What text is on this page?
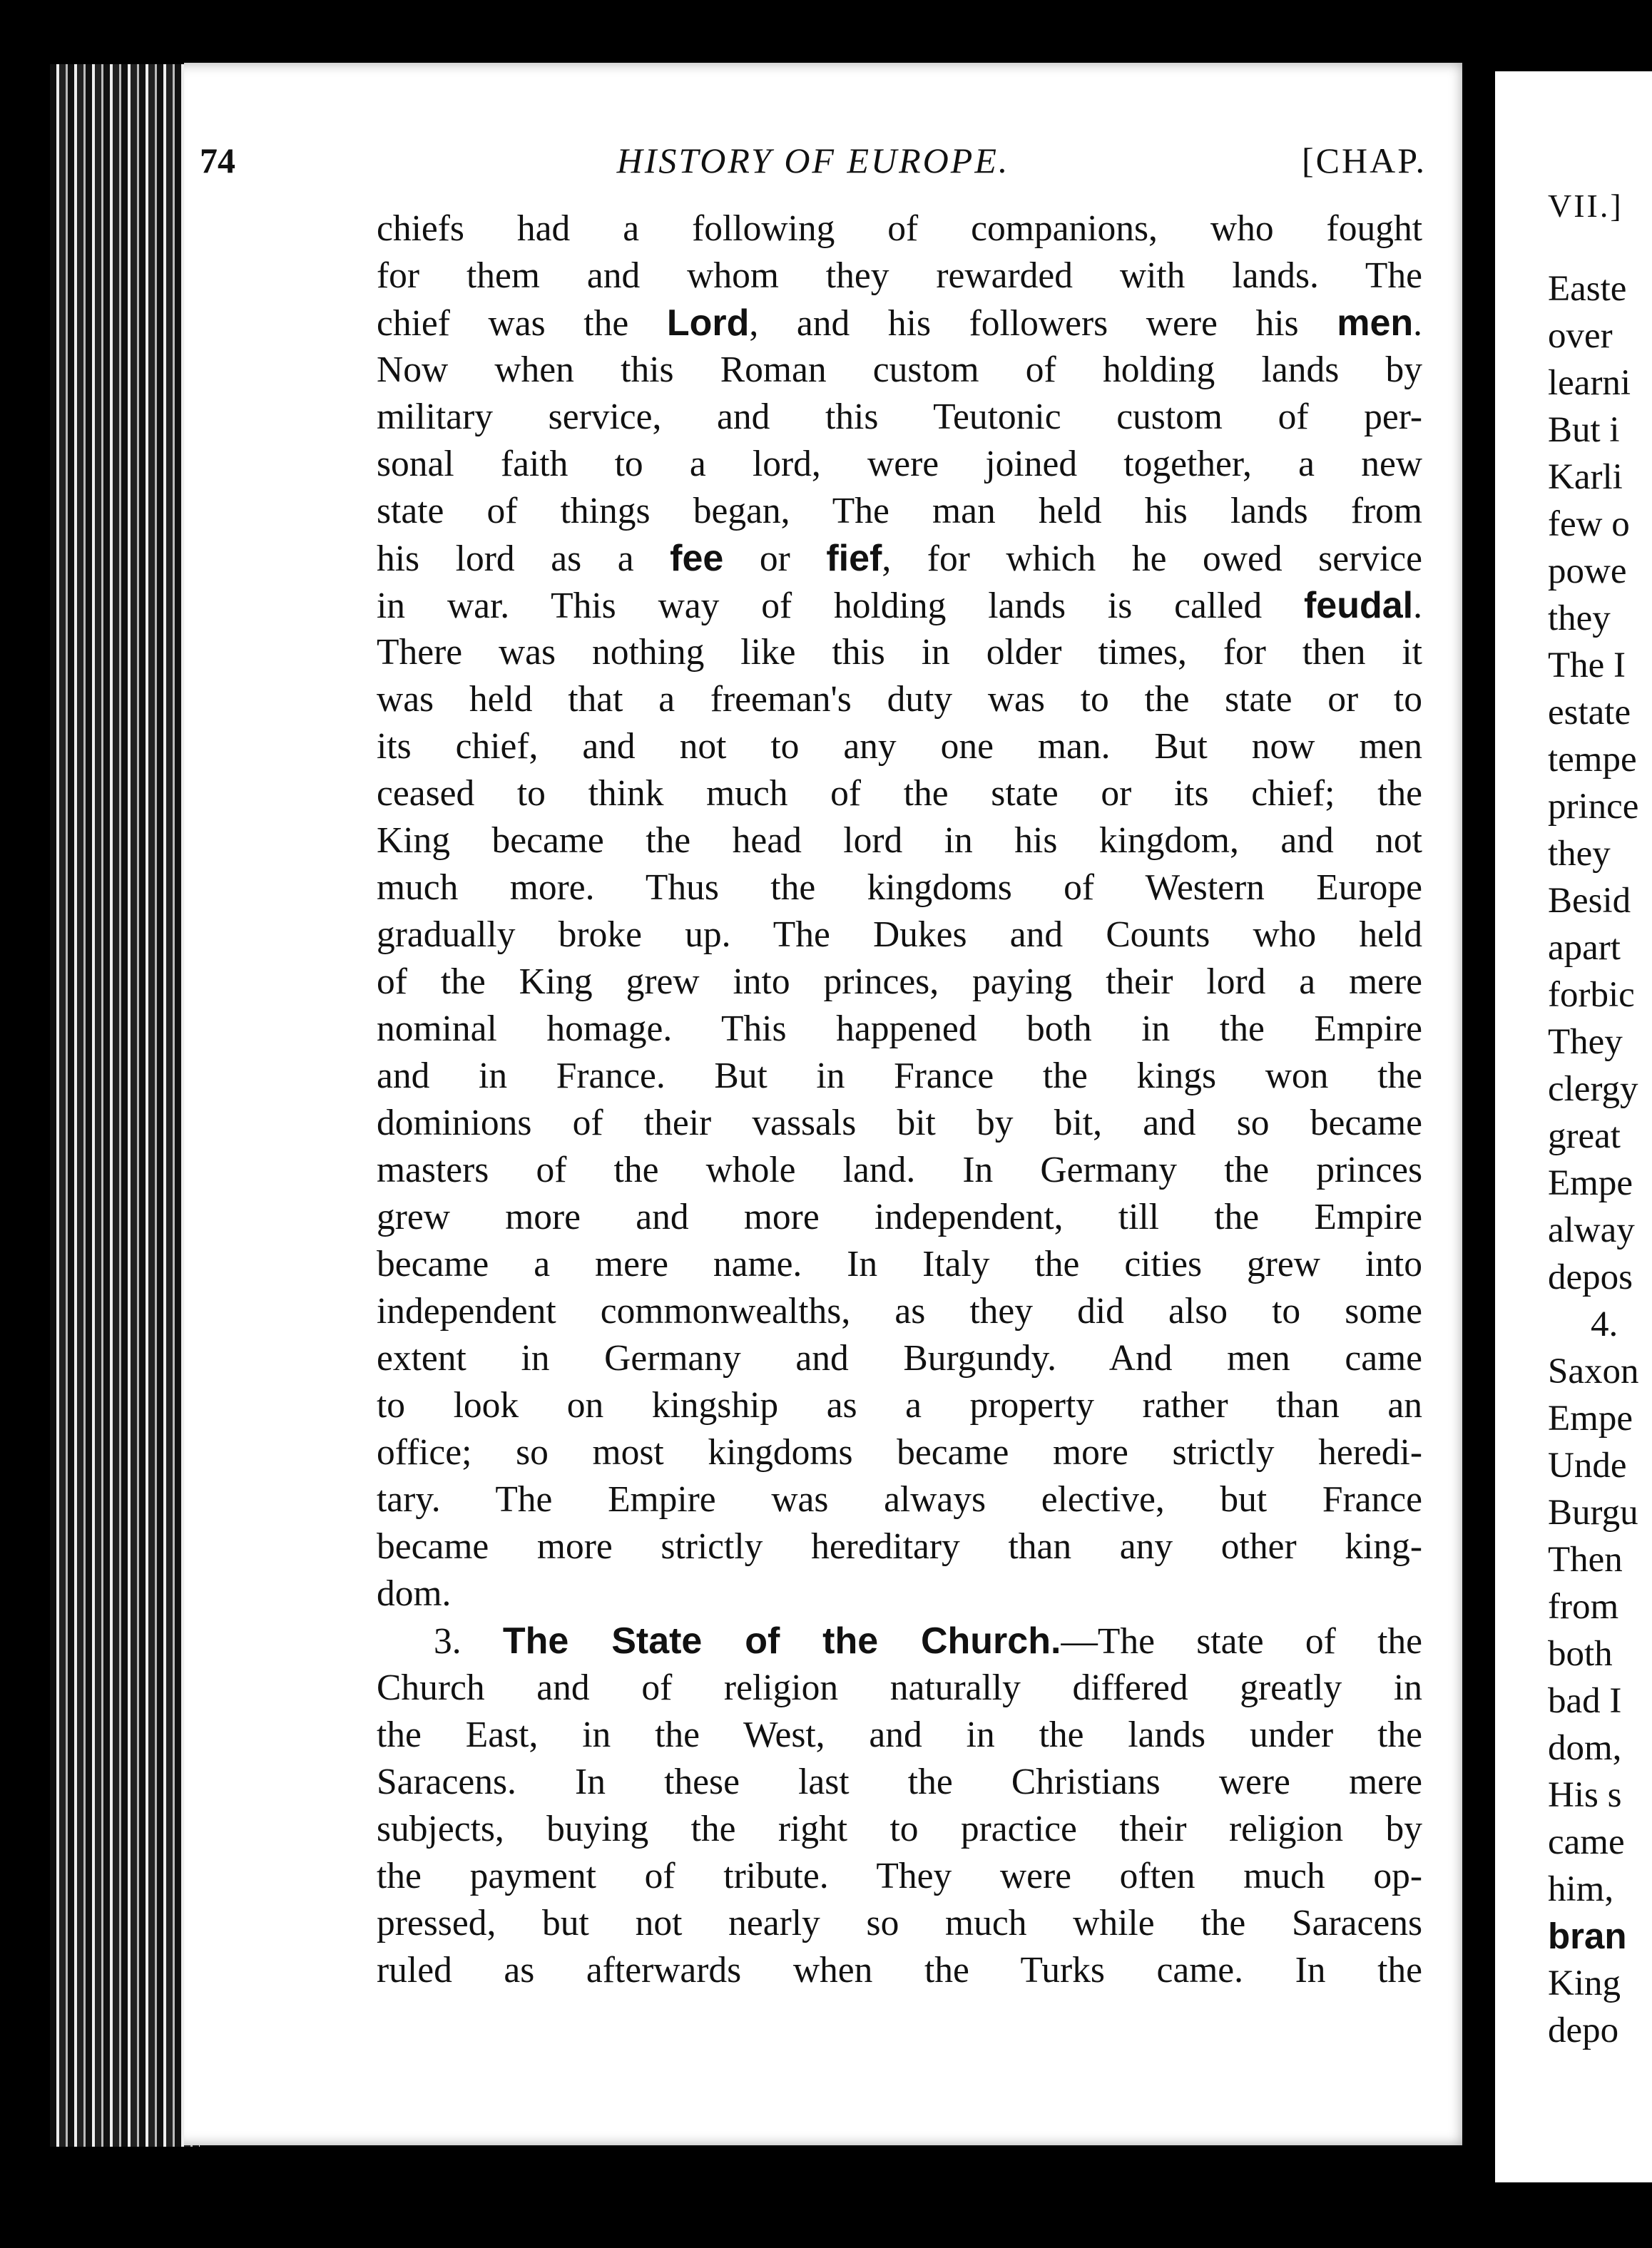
74	HISTORY OF EUROPE.	[CHAP.
chiefs had a following of companions, who fought
for them and whom they rewarded with lands. The
chief was the Lord, and his followers were his men.
Now when this Roman custom of holding lands by
military service, and this Teutonic custom of per-
sonal faith to a lord, were joined together, a new
state of things began, The man held his lands from
his lord as a fee or fief, for which he owed service
in war. This way of holding lands is called feudal.
There was nothing like this in older times, for then it
was held that a freeman's duty was to the state or to
its chief, and not to any one man. But now men
ceased to think much of the state or its chief; the
King became the head lord in his kingdom, and not
much more. Thus the kingdoms of Western Europe
gradually broke up. The Dukes and Counts who held
of the King grew into princes, paying their lord a mere
nominal homage. This happened both in the Empire
and in France. But in France the kings won the
dominions of their vassals bit by bit, and so became
masters of the whole land. In Germany the princes
grew more and more independent, till the Empire
became a mere name. In Italy the cities grew into
independent commonwealths, as they did also to some
extent in Germany and Burgundy. And men came
to look on kingship as a property rather than an
office; so most kingdoms became more strictly heredi-
tary. The Empire was always elective, but France
became more strictly hereditary than any other king-
dom.
3. The State of the Church.—The state of the
Church and of religion naturally differed greatly in
the East, in the West, and in the lands under the
Saracens. In these last the Christians were mere
subjects, buying the right to practice their religion by
the payment of tribute. They were often much op-
pressed, but not nearly so much while the Saracens
ruled as afterwards when the Turks came. In the
VII.]
Easte
over
learni
But i
Karli
few o
powe
they
The I
estate
tempe
prince
they
Besid
apart
forbic
They
clergy
great
Empe
alway
depos
4.
Saxon
Empe
Unde
Burgu
Then
from
both
bad I
dom,
His s
came
him,
bran
King
depo
